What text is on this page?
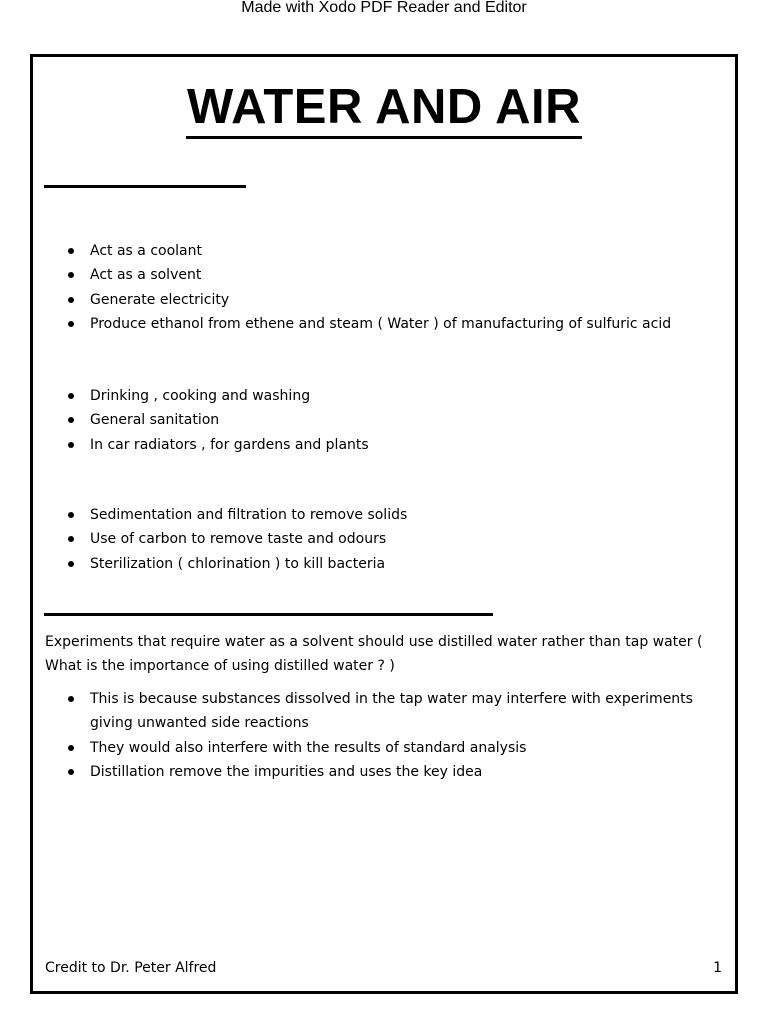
Made with Xodo PDF Reader and Editor
WATER AND AIR
Act as a coolant
Act as a solvent
Generate electricity
Produce ethanol from ethene and steam ( Water ) of manufacturing of sulfuric acid
Drinking , cooking and washing
General sanitation
In car radiators , for gardens and plants
Sedimentation and filtration to remove solids
Use of carbon to remove taste and odours
Sterilization ( chlorination ) to kill bacteria
Experiments that require water as a solvent should use distilled water rather than tap water ( What is the importance of using distilled water ? )
This is because substances dissolved in the tap water may interfere with experiments giving unwanted side reactions
They would also interfere with the results of standard analysis
Distillation remove the impurities and uses the key idea
Credit to Dr. Peter Alfred	1
